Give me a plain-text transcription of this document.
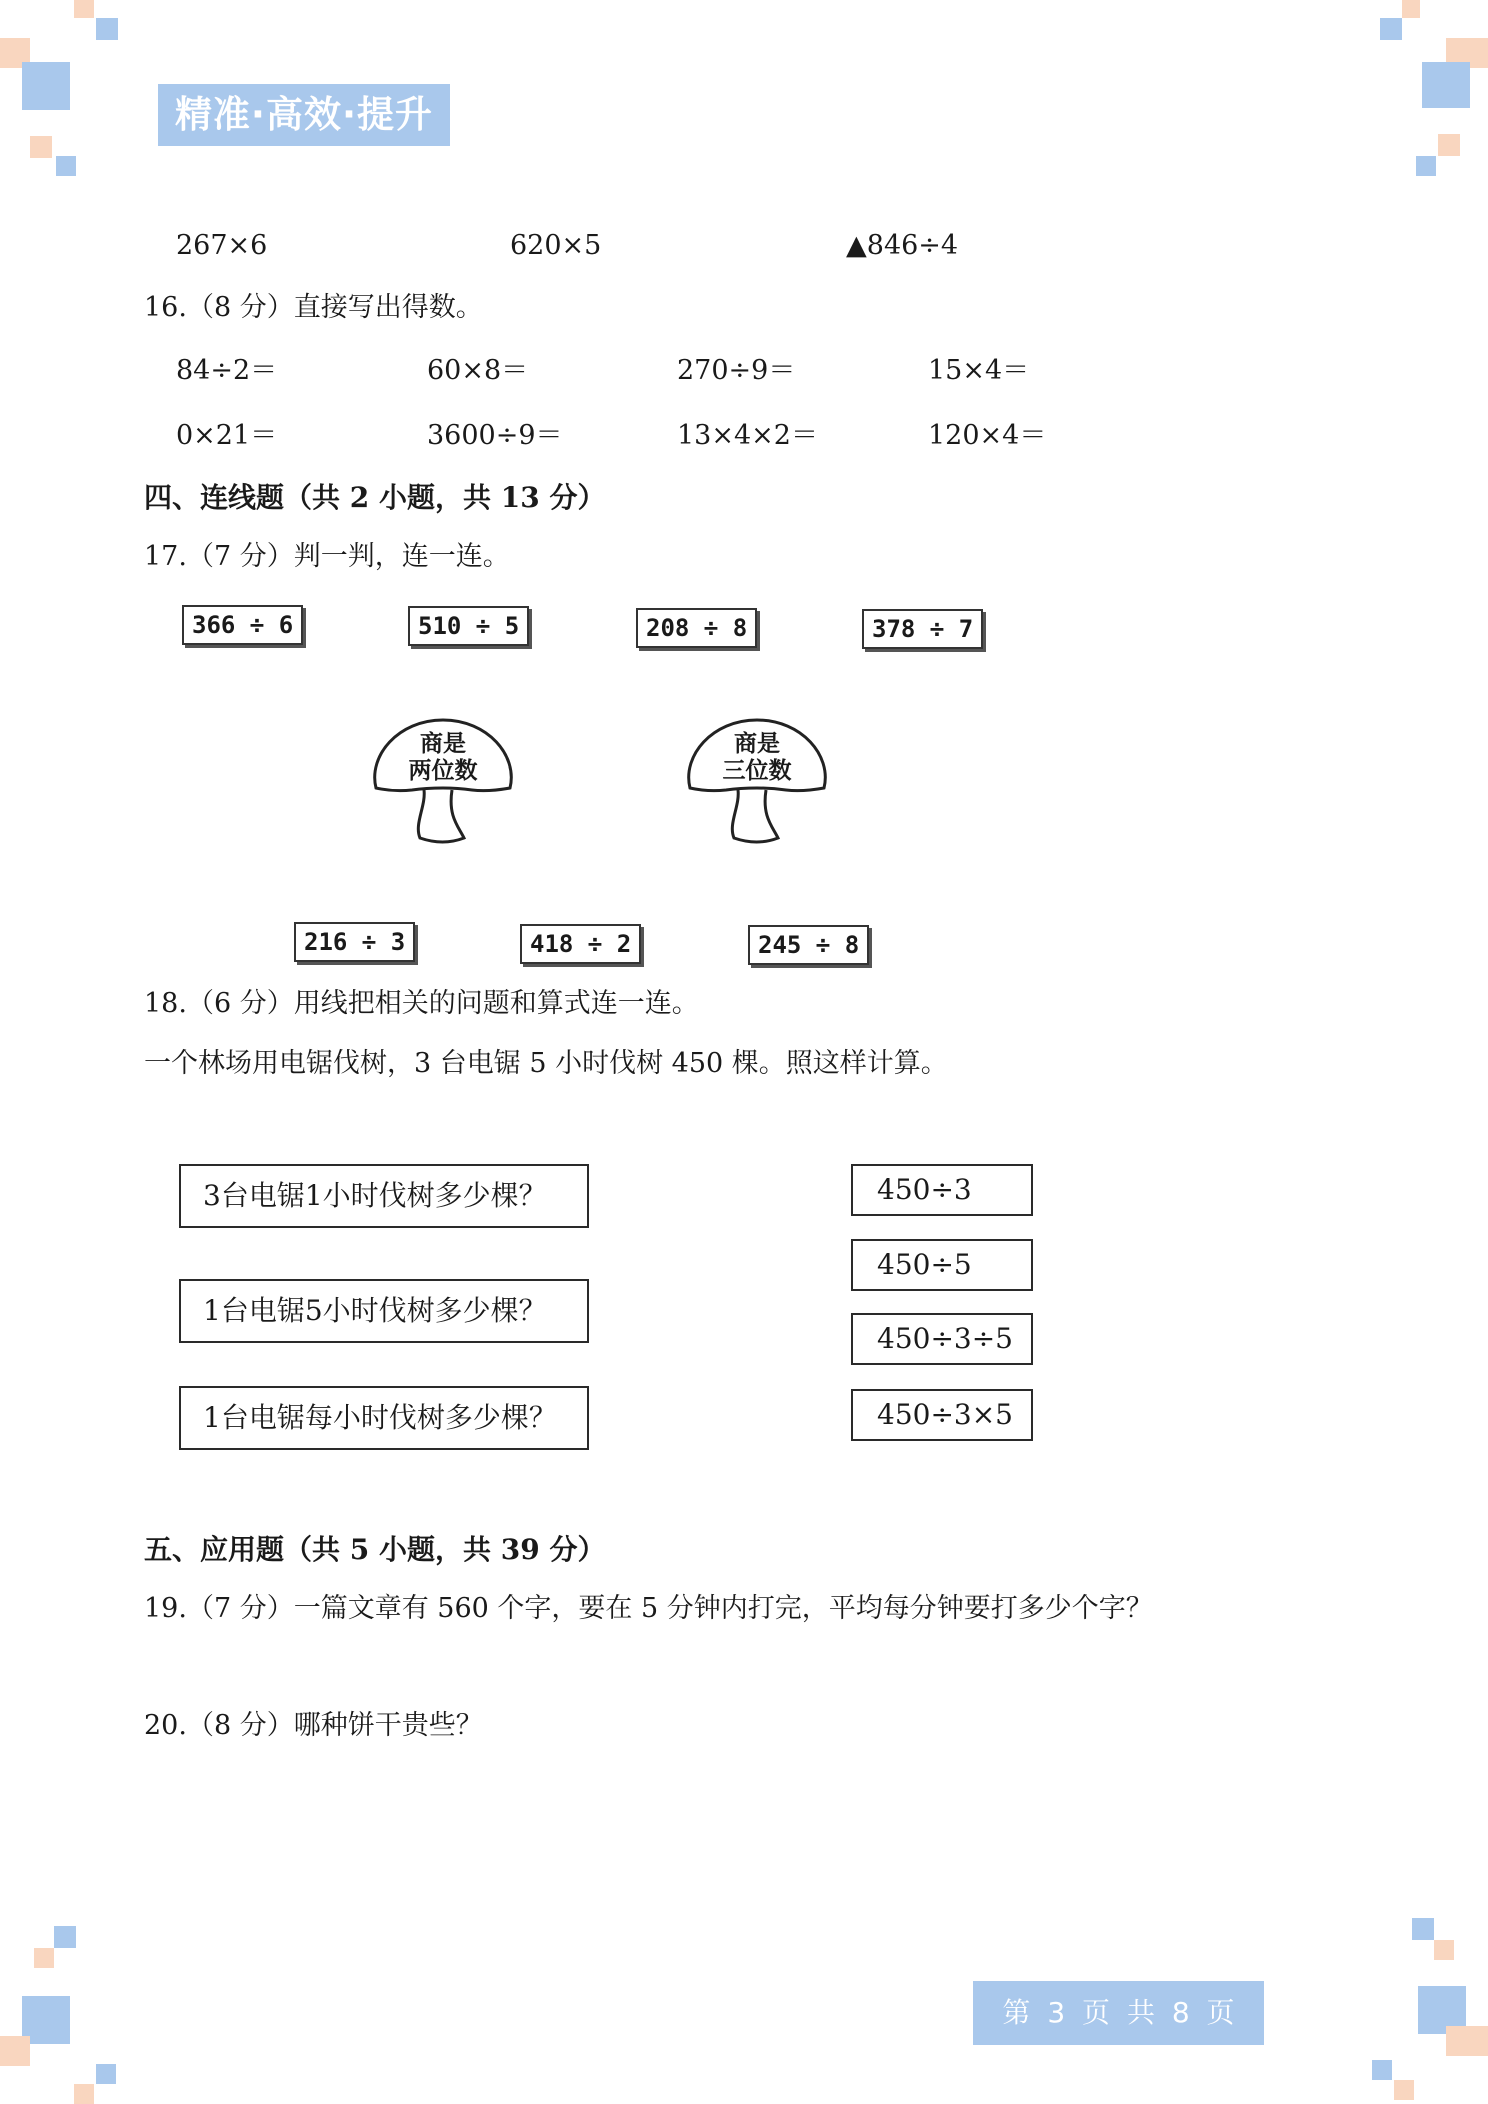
精准·高效·提升
267×6	620×5	▲846÷4
16.（8 分）直接写出得数。
84÷2＝	60×8＝	270÷9＝	15×4＝
0×21＝	3600÷9＝	13×4×2＝	120×4＝
四、连线题（共 2 小题，共 13 分）
17.（7 分）判一判，连一连。
366 ÷ 6	510 ÷ 5	208 ÷ 8	378 ÷ 7
商是
两位数
商是
三位数
216 ÷ 3	418 ÷ 2	245 ÷ 8
18.（6 分）用线把相关的问题和算式连一连。
一个林场用电锯伐树，3 台电锯 5 小时伐树 450 棵。照这样计算。
3台电锯1小时伐树多少棵？
1台电锯5小时伐树多少棵？
1台电锯每小时伐树多少棵？
450÷3
450÷5
450÷3÷5
450÷3×5
五、应用题（共 5 小题，共 39 分）
19.（7 分）一篇文章有 560 个字，要在 5 分钟内打完，平均每分钟要打多少个字？
20.（8 分）哪种饼干贵些？
第 3 页 共 8 页
